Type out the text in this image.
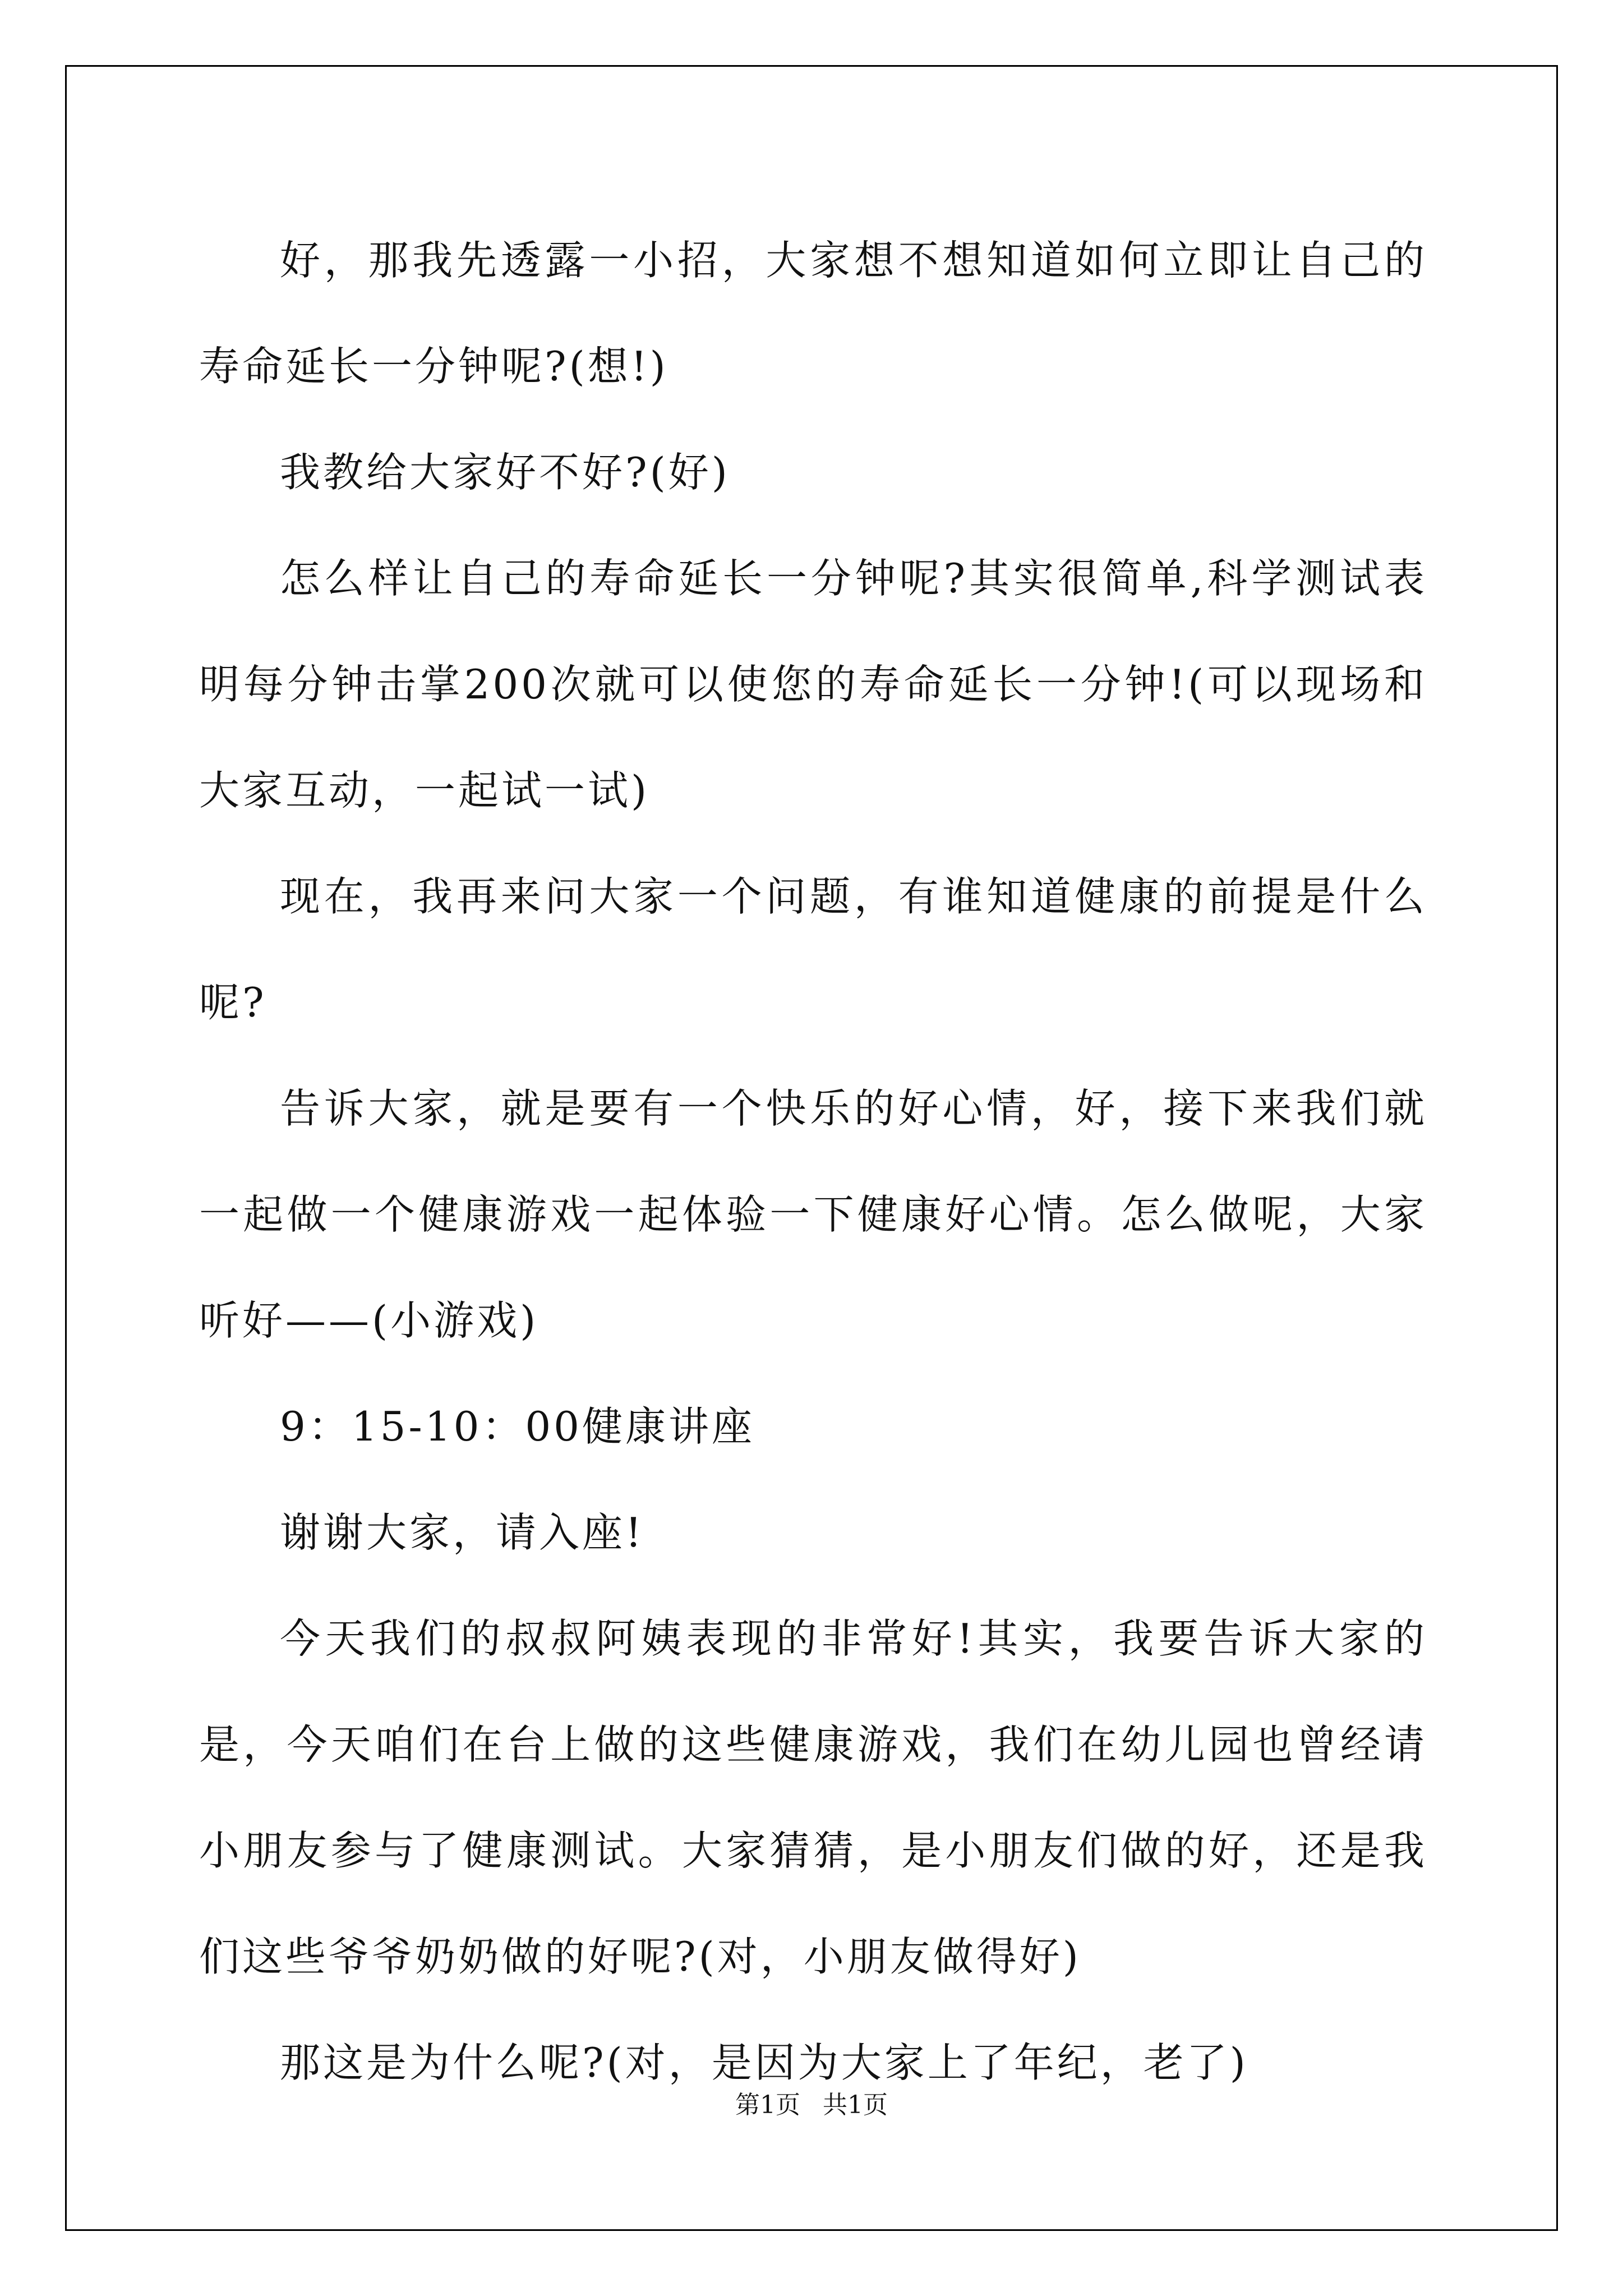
好，那我先透露一小招，大家想不想知道如何立即让自己的寿命延长一分钟呢?(想!)

我教给大家好不好?(好)

怎么样让自己的寿命延长一分钟呢?其实很简单,科学测试表明每分钟击掌200次就可以使您的寿命延长一分钟!(可以现场和大家互动，一起试一试)

现在，我再来问大家一个问题，有谁知道健康的前提是什么呢?

告诉大家，就是要有一个快乐的好心情，好，接下来我们就一起做一个健康游戏一起体验一下健康好心情。怎么做呢，大家听好——(小游戏)

9：15-10：00健康讲座

谢谢大家，请入座!

今天我们的叔叔阿姨表现的非常好!其实，我要告诉大家的是，今天咱们在台上做的这些健康游戏，我们在幼儿园也曾经请小朋友参与了健康测试。大家猜猜，是小朋友们做的好，还是我们这些爷爷奶奶做的好呢?(对，小朋友做得好)

那这是为什么呢?(对，是因为大家上了年纪，老了)

第1页 共1页
